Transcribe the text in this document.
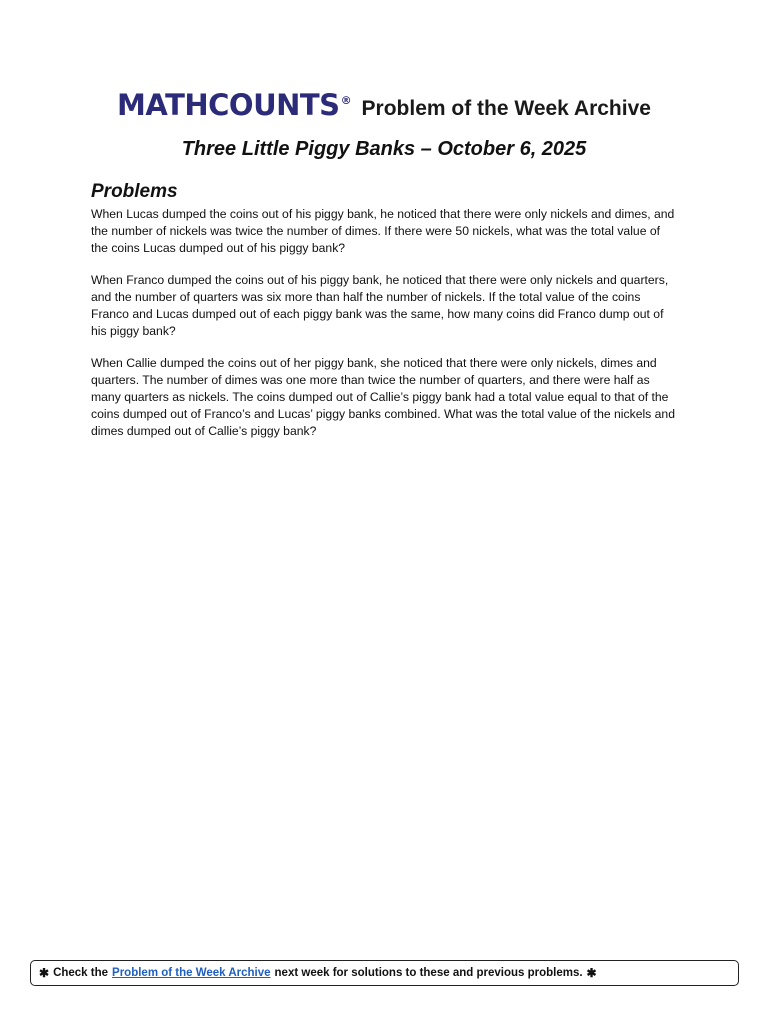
MATHCOUNTS® Problem of the Week Archive
Three Little Piggy Banks – October 6, 2025
Problems

When Lucas dumped the coins out of his piggy bank, he noticed that there were only nickels and dimes, and the number of nickels was twice the number of dimes. If there were 50 nickels, what was the total value of the coins Lucas dumped out of his piggy bank?

When Franco dumped the coins out of his piggy bank, he noticed that there were only nickels and quarters, and the number of quarters was six more than half the number of nickels. If the total value of the coins Franco and Lucas dumped out of each piggy bank was the same, how many coins did Franco dump out of his piggy bank?

When Callie dumped the coins out of her piggy bank, she noticed that there were only nickels, dimes and quarters. The number of dimes was one more than twice the number of quarters, and there were half as many quarters as nickels. The coins dumped out of Callie’s piggy bank had a total value equal to that of the coins dumped out of Franco’s and Lucas’ piggy banks combined. What was the total value of the nickels and dimes dumped out of Callie’s piggy bank?

✱ Check the Problem of the Week Archive next week for solutions to these and previous problems. ✱
